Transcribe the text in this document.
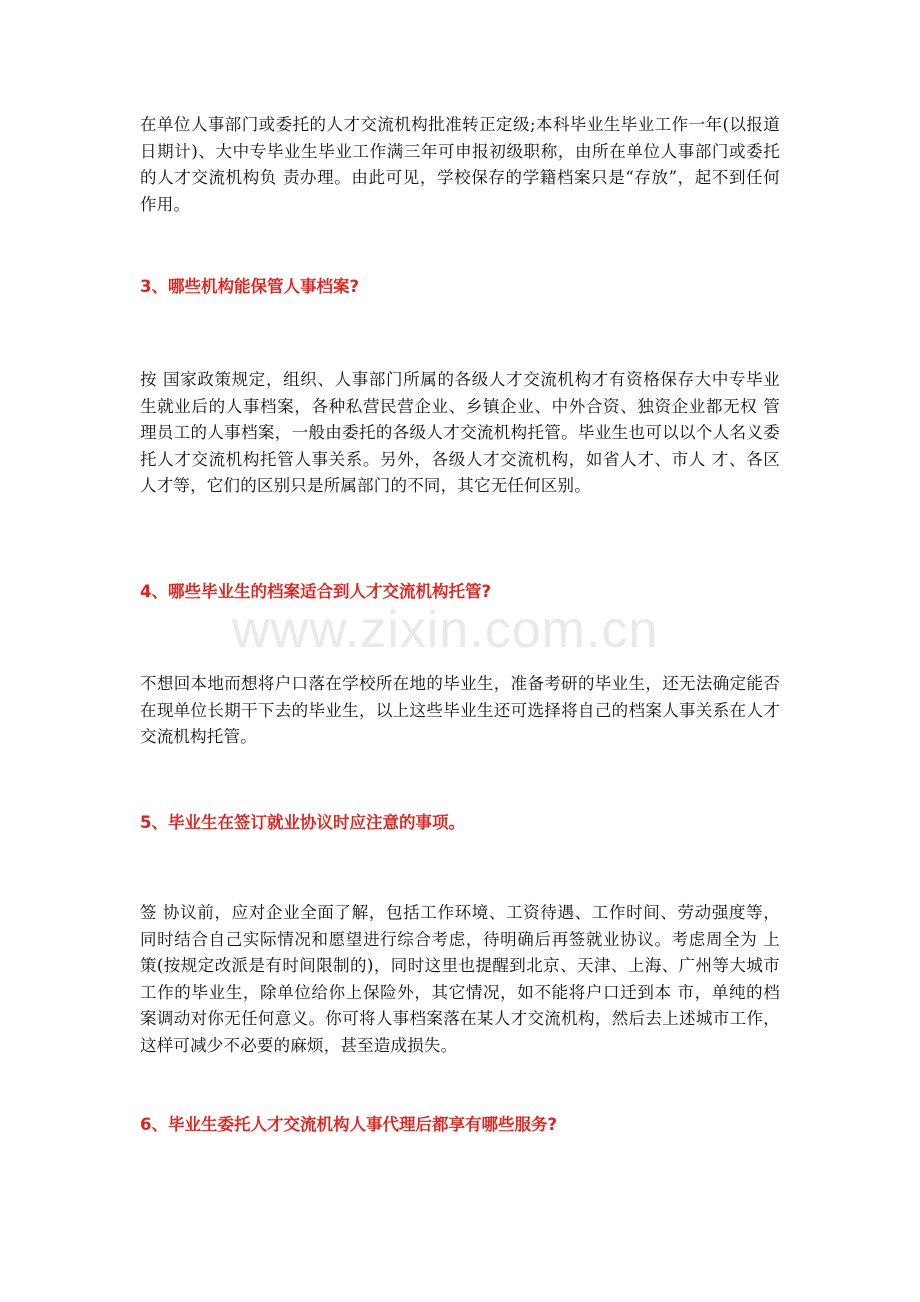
www.zixin.com.cn

在单位人事部门或委托的人才交流机构批准转正定级;本科毕业生毕业工作一年(以报道日期计)、大中专毕业生毕业工作满三年可申报初级职称，由所在单位人事部门或委托的人才交流机构负 责办理。由此可见，学校保存的学籍档案只是“存放”，起不到任何作用。

3、哪些机构能保管人事档案?

按 国家政策规定，组织、人事部门所属的各级人才交流机构才有资格保存大中专毕业生就业后的人事档案，各种私营民营企业、乡镇企业、中外合资、独资企业都无权 管理员工的人事档案，一般由委托的各级人才交流机构托管。毕业生也可以以个人名义委托人才交流机构托管人事关系。另外，各级人才交流机构，如省人才、市人 才、各区人才等，它们的区别只是所属部门的不同，其它无任何区别。

4、哪些毕业生的档案适合到人才交流机构托管?

不想回本地而想将户口落在学校所在地的毕业生，准备考研的毕业生，还无法确定能否在现单位长期干下去的毕业生，以上这些毕业生还可选择将自己的档案人事关系在人才交流机构托管。

5、毕业生在签订就业协议时应注意的事项。

签 协议前，应对企业全面了解，包括工作环境、工资待遇、工作时间、劳动强度等，同时结合自己实际情况和愿望进行综合考虑，待明确后再签就业协议。考虑周全为 上策(按规定改派是有时间限制的)，同时这里也提醒到北京、天津、上海、广州等大城市工作的毕业生，除单位给你上保险外，其它情况，如不能将户口迁到本 市，单纯的档案调动对你无任何意义。你可将人事档案落在某人才交流机构，然后去上述城市工作，这样可减少不必要的麻烦，甚至造成损失。

6、毕业生委托人才交流机构人事代理后都享有哪些服务?
